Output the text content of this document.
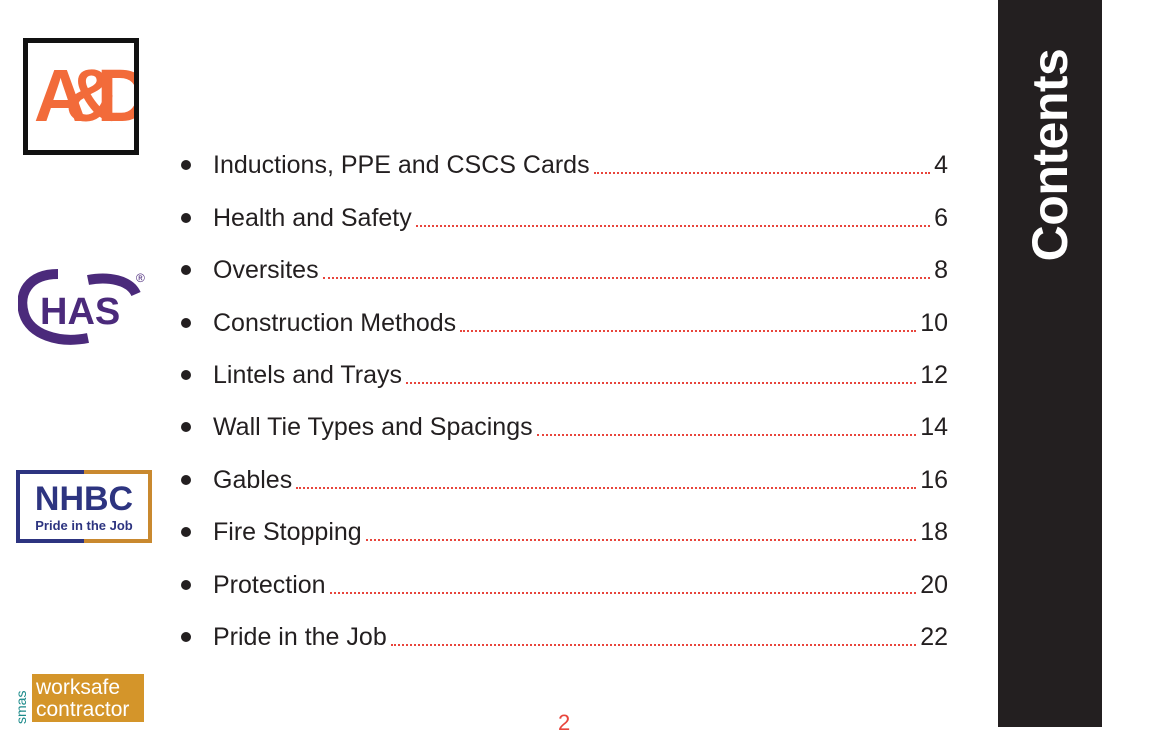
A&D
HAS
®
NHBC
Pride in the Job
smas
worksafe
contractor
Inductions, PPE and CSCS Cards	4
Health and Safety	6
Oversites	8
Construction Methods	10
Lintels and Trays	12
Wall Tie Types and Spacings	14
Gables	16
Fire Stopping	18
Protection	20
Pride in the Job	22
2
Contents
